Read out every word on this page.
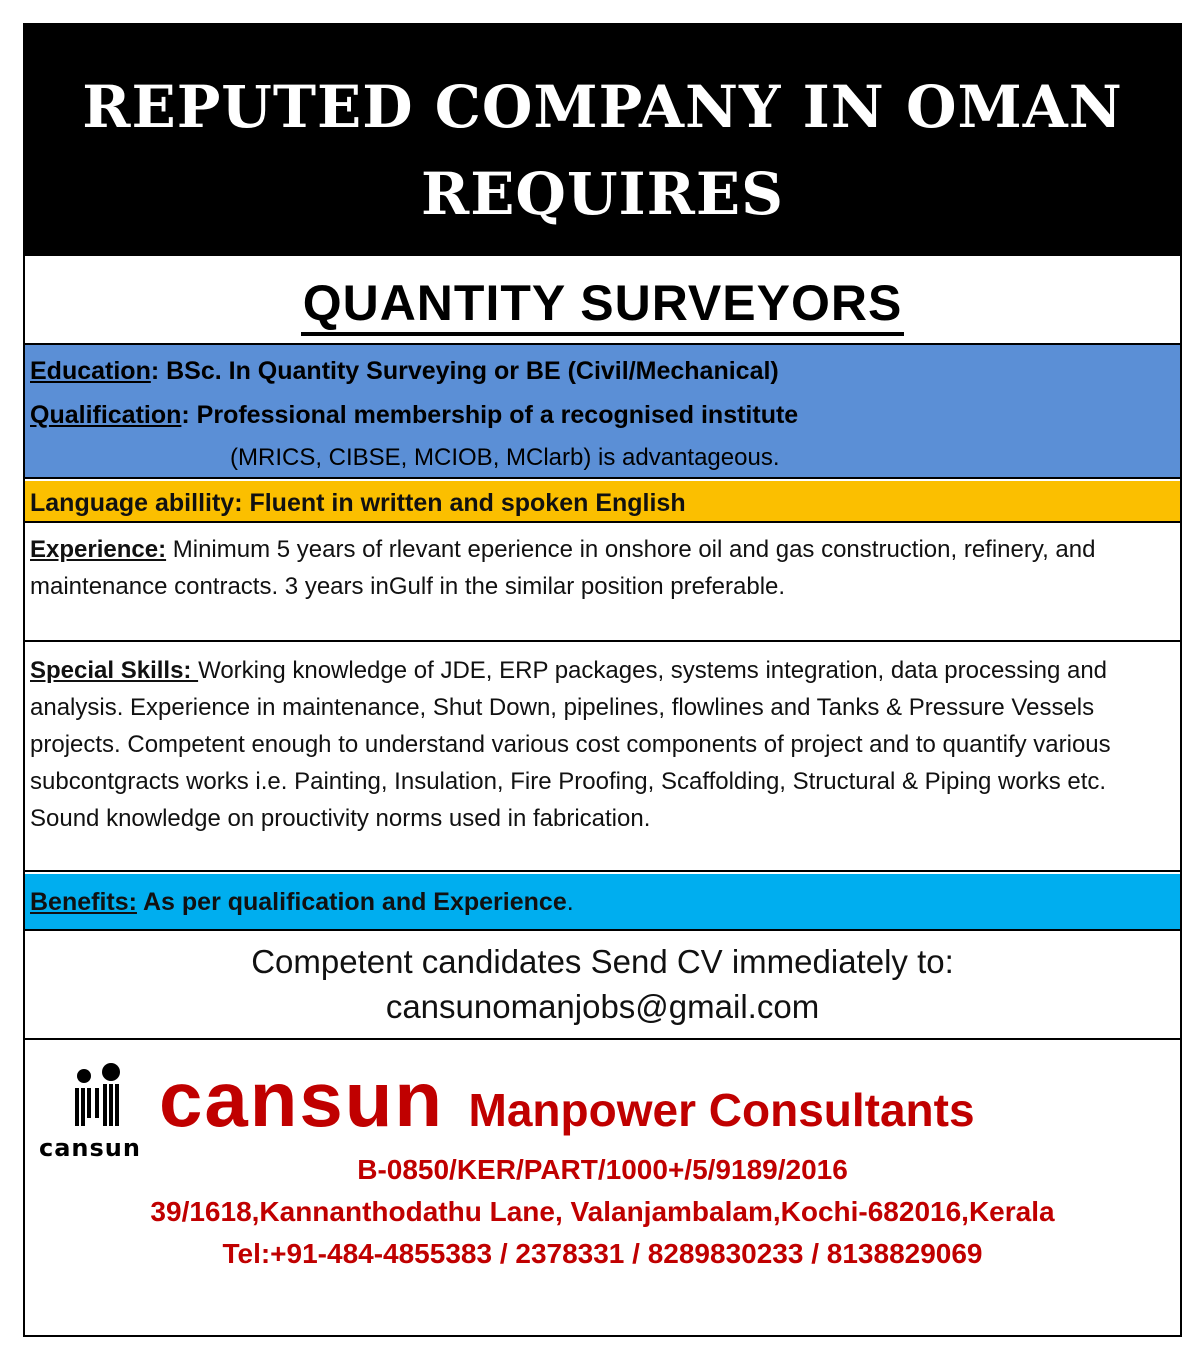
REPUTED COMPANY IN OMAN
REQUIRES
QUANTITY SURVEYORS
Education: BSc. In Quantity Surveying or BE (Civil/Mechanical)
Qualification: Professional membership of a recognised institute
(MRICS, CIBSE, MCIOB, MClarb) is advantageous.
Language abillity: Fluent in written and spoken English

Experience: Minimum 5 years of rlevant eperience in onshore oil and gas construction, refinery, and maintenance contracts. 3 years inGulf in the similar position preferable.

Special Skills: Working knowledge of JDE, ERP packages, systems integration, data processing and analysis. Experience in maintenance, Shut Down, pipelines, flowlines and Tanks & Pressure Vessels projects. Competent enough to understand various cost components of project and to quantify various subcontgracts works i.e. Painting, Insulation, Fire Proofing, Scaffolding, Structural & Piping works etc. Sound knowledge on prouctivity norms used in fabrication.

Benefits: As per qualification and Experience.
Competent candidates Send CV immediately to:
cansunomanjobs@gmail.com
cansun
cansun Manpower Consultants
B-0850/KER/PART/1000+/5/9189/2016
39/1618,Kannanthodathu Lane, Valanjambalam,Kochi-682016,Kerala
Tel:+91-484-4855383 / 2378331 / 8289830233 / 8138829069
